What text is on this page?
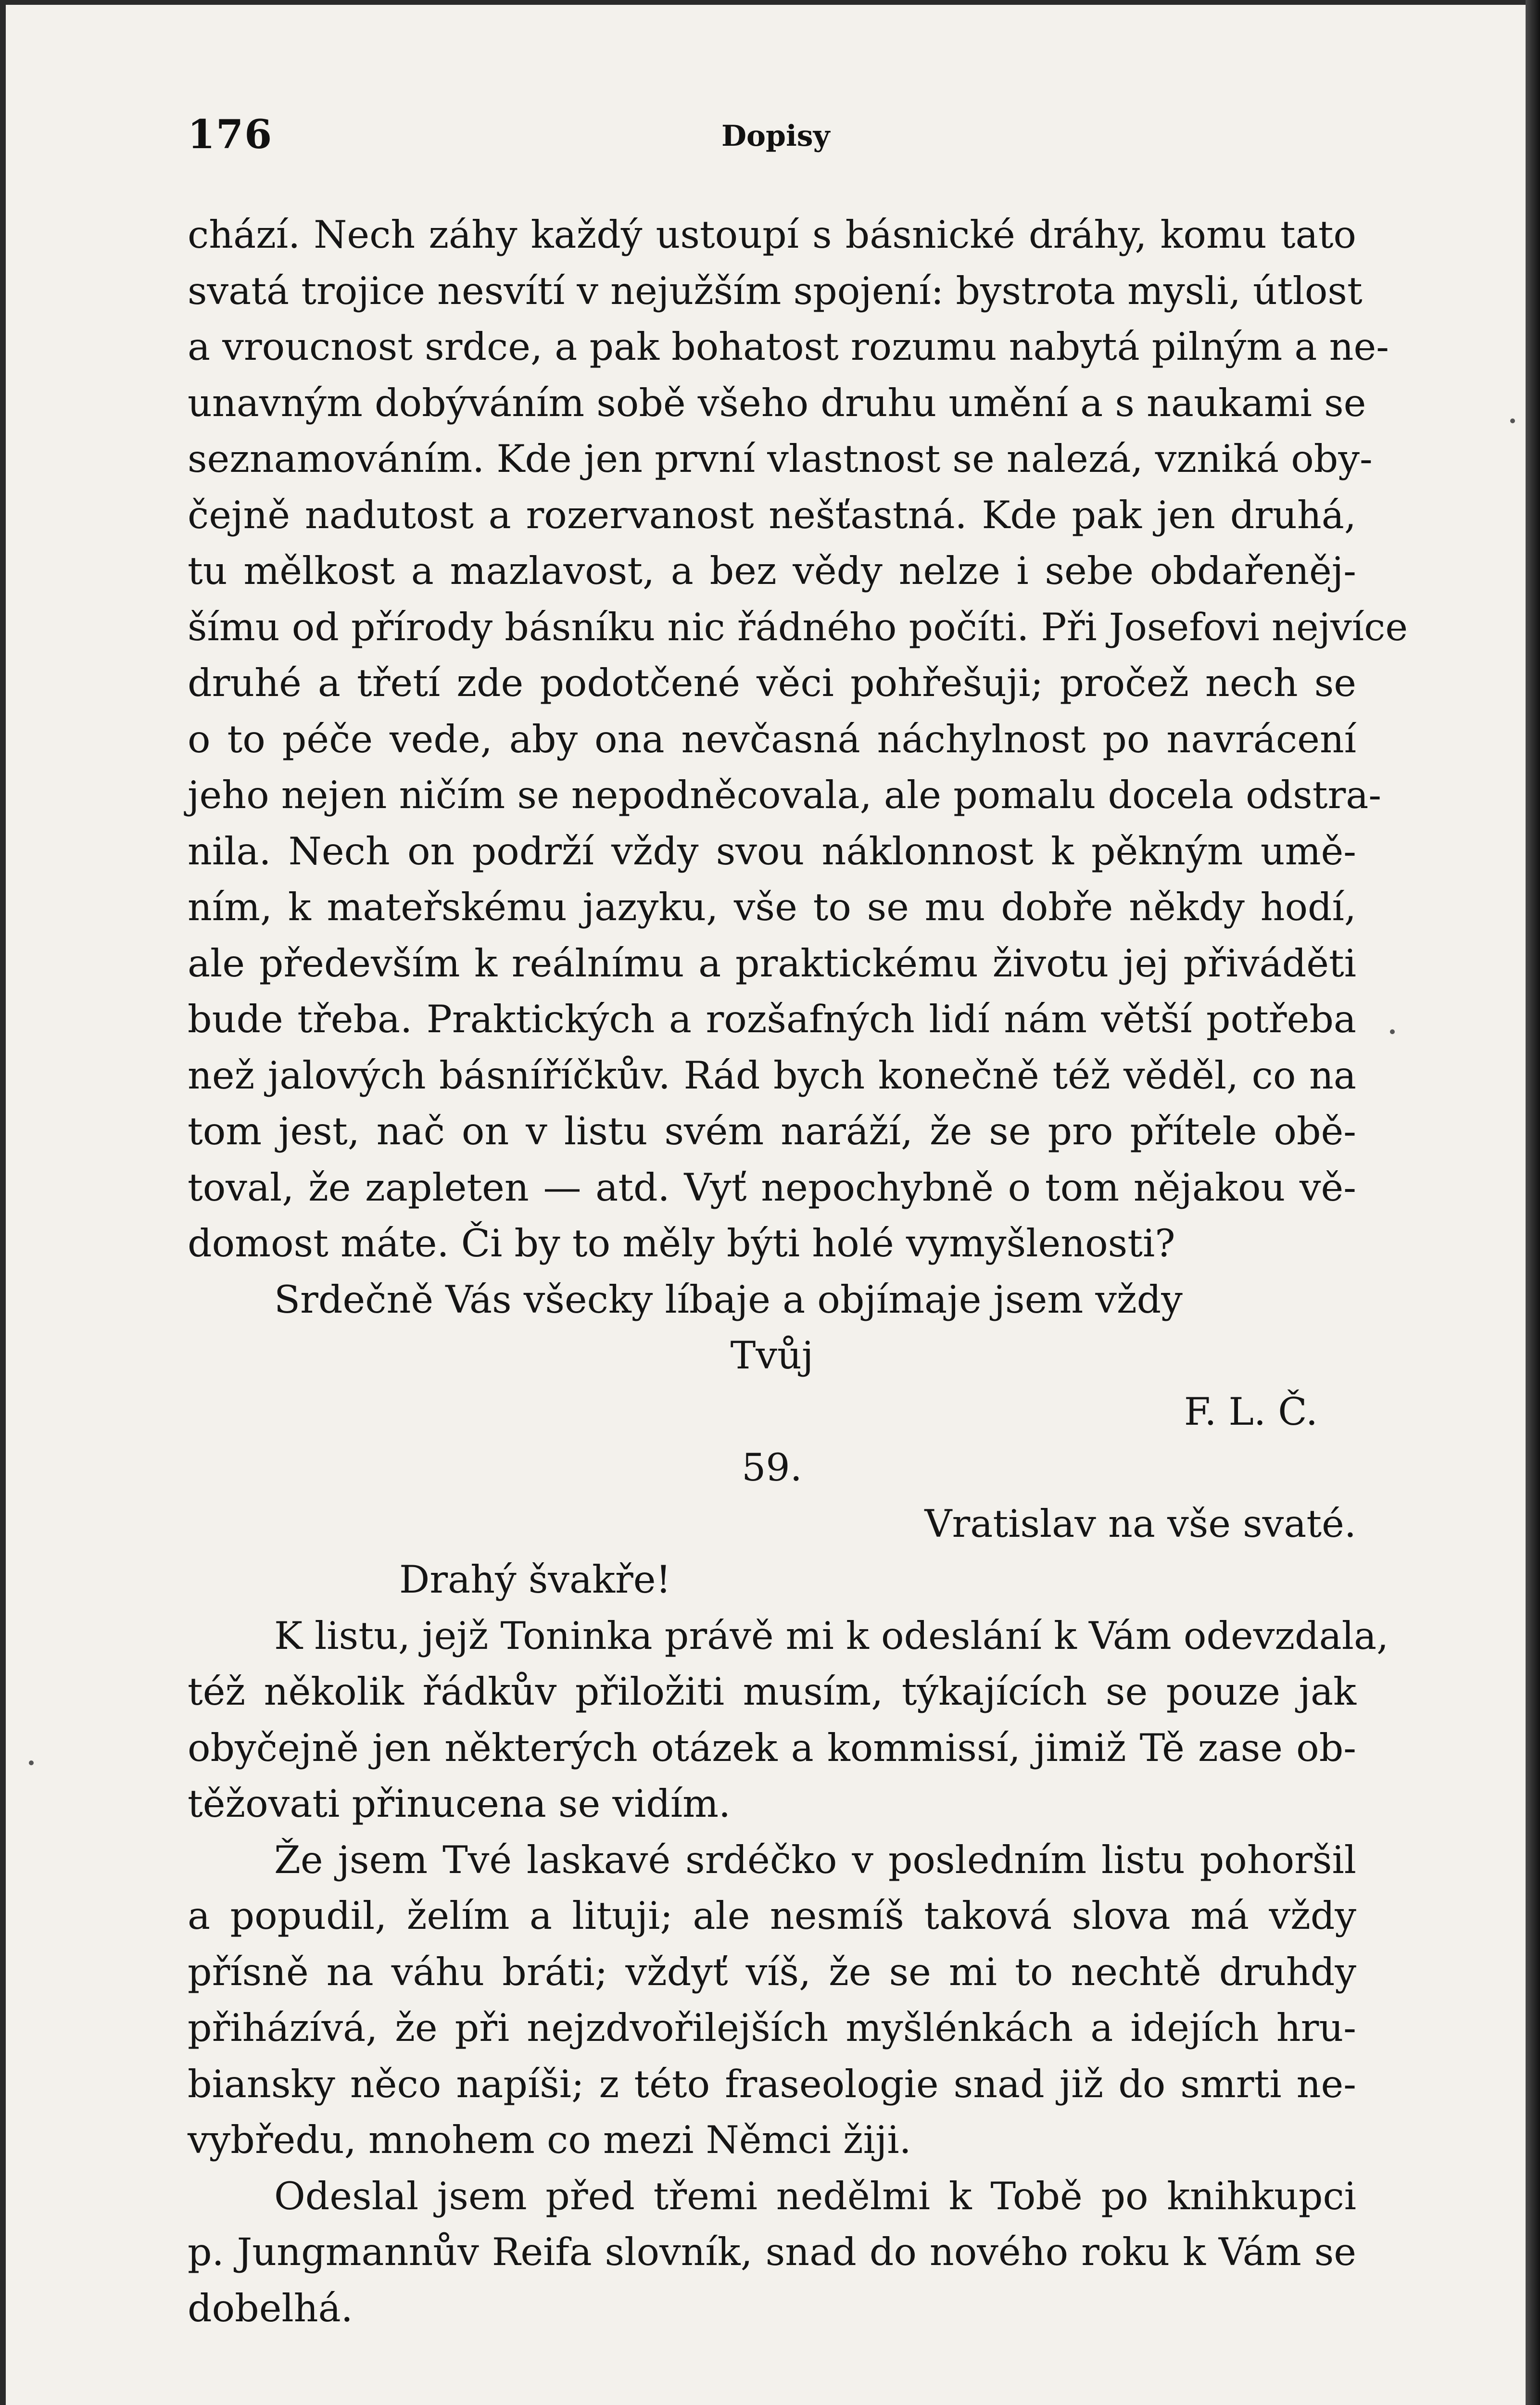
176	Dopisy
chází. Nech záhy každý ustoupí s básnické dráhy, komu tato
svatá trojice nesvítí v nejužším spojení: bystrota mysli, útlost
a vroucnost srdce, a pak bohatost rozumu nabytá pilným a ne-
unavným dobýváním sobě všeho druhu umění a s naukami se
seznamováním. Kde jen první vlastnost se nalezá, vzniká oby-
čejně nadutost a rozervanost nešťastná. Kde pak jen druhá,
tu mělkost a mazlavost, a bez vědy nelze i sebe obdařeněj-
šímu od přírody básníku nic řádného počíti. Při Josefovi nejvíce
druhé a třetí zde podotčené věci pohřešuji; pročež nech se
o to péče vede, aby ona nevčasná náchylnost po navrácení
jeho nejen ničím se nepodněcovala, ale pomalu docela odstra-
nila. Nech on podrží vždy svou náklonnost k pěkným umě-
ním, k mateřskému jazyku, vše to se mu dobře někdy hodí,
ale především k reálnímu a praktickému životu jej přiváděti
bude třeba. Praktických a rozšafných lidí nám větší potřeba
než jalových básníříčkův. Rád bych konečně též věděl, co na
tom jest, nač on v listu svém naráží, že se pro přítele obě-
toval, že zapleten — atd. Vyť nepochybně o tom nějakou vě-
domost máte. Či by to měly býti holé vymyšlenosti?
Srdečně Vás všecky líbaje a objímaje jsem vždy
Tvůj
F. L. Č.
59.
Vratislav na vše svaté.
Drahý švakře!
K listu, jejž Toninka právě mi k odeslání k Vám odevzdala,
též několik řádkův přiložiti musím, týkajících se pouze jak
obyčejně jen některých otázek a kommissí, jimiž Tě zase ob-
těžovati přinucena se vidím.
Že jsem Tvé laskavé srdéčko v posledním listu pohoršil
a popudil, želím a lituji; ale nesmíš taková slova má vždy
přísně na váhu bráti; vždyť víš, že se mi to nechtě druhdy
přiházívá, že při nejzdvořilejších myšlénkách a idejích hru-
biansky něco napíši; z této fraseologie snad již do smrti ne-
vybředu, mnohem co mezi Němci žiji.
Odeslal jsem před třemi nedělmi k Tobě po knihkupci
p. Jungmannův Reifa slovník, snad do nového roku k Vám se
dobelhá.
